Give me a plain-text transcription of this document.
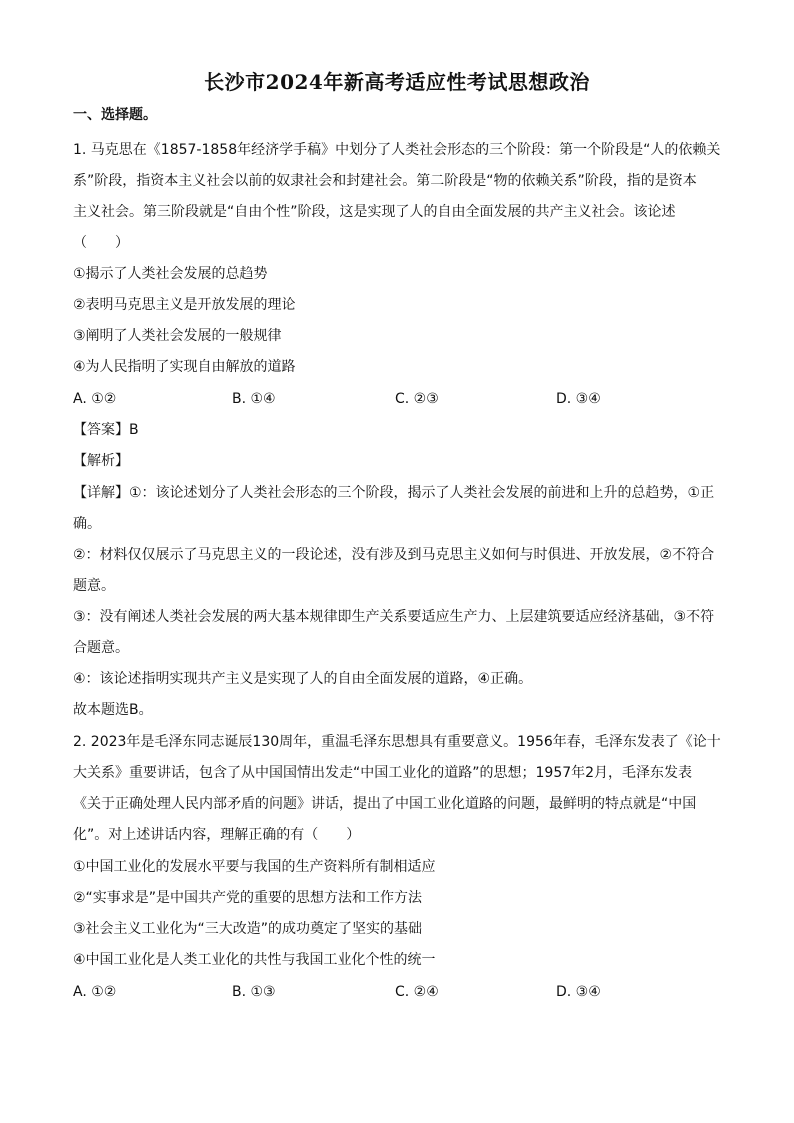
长沙市2024年新高考适应性考试思想政治
一、选择题。
1. 马克思在《1857-1858年经济学手稿》中划分了人类社会形态的三个阶段：第一个阶段是“人的依赖关
系”阶段，指资本主义社会以前的奴隶社会和封建社会。第二阶段是“物的依赖关系”阶段，指的是资本
主义社会。第三阶段就是“自由个性”阶段，这是实现了人的自由全面发展的共产主义社会。该论述
（　　）
①揭示了人类社会发展的总趋势
②表明马克思主义是开放发展的理论
③阐明了人类社会发展的一般规律
④为人民指明了实现自由解放的道路
A. ①②	B. ①④	C. ②③	D. ③④
【答案】B
【解析】
【详解】①：该论述划分了人类社会形态的三个阶段，揭示了人类社会发展的前进和上升的总趋势，①正
确。
②：材料仅仅展示了马克思主义的一段论述，没有涉及到马克思主义如何与时俱进、开放发展，②不符合
题意。
③：没有阐述人类社会发展的两大基本规律即生产关系要适应生产力、上层建筑要适应经济基础，③不符
合题意。
④：该论述指明实现共产主义是实现了人的自由全面发展的道路，④正确。
故本题选B。
2. 2023年是毛泽东同志诞辰130周年，重温毛泽东思想具有重要意义。1956年春，毛泽东发表了《论十
大关系》重要讲话，包含了从中国国情出发走“中国工业化的道路”的思想；1957年2月，毛泽东发表
《关于正确处理人民内部矛盾的问题》讲话，提出了中国工业化道路的问题，最鲜明的特点就是“中国
化”。对上述讲话内容，理解正确的有（　　）
①中国工业化的发展水平要与我国的生产资料所有制相适应
②“实事求是”是中国共产党的重要的思想方法和工作方法
③社会主义工业化为“三大改造”的成功奠定了坚实的基础
④中国工业化是人类工业化的共性与我国工业化个性的统一
A. ①②	B. ①③	C. ②④	D. ③④
